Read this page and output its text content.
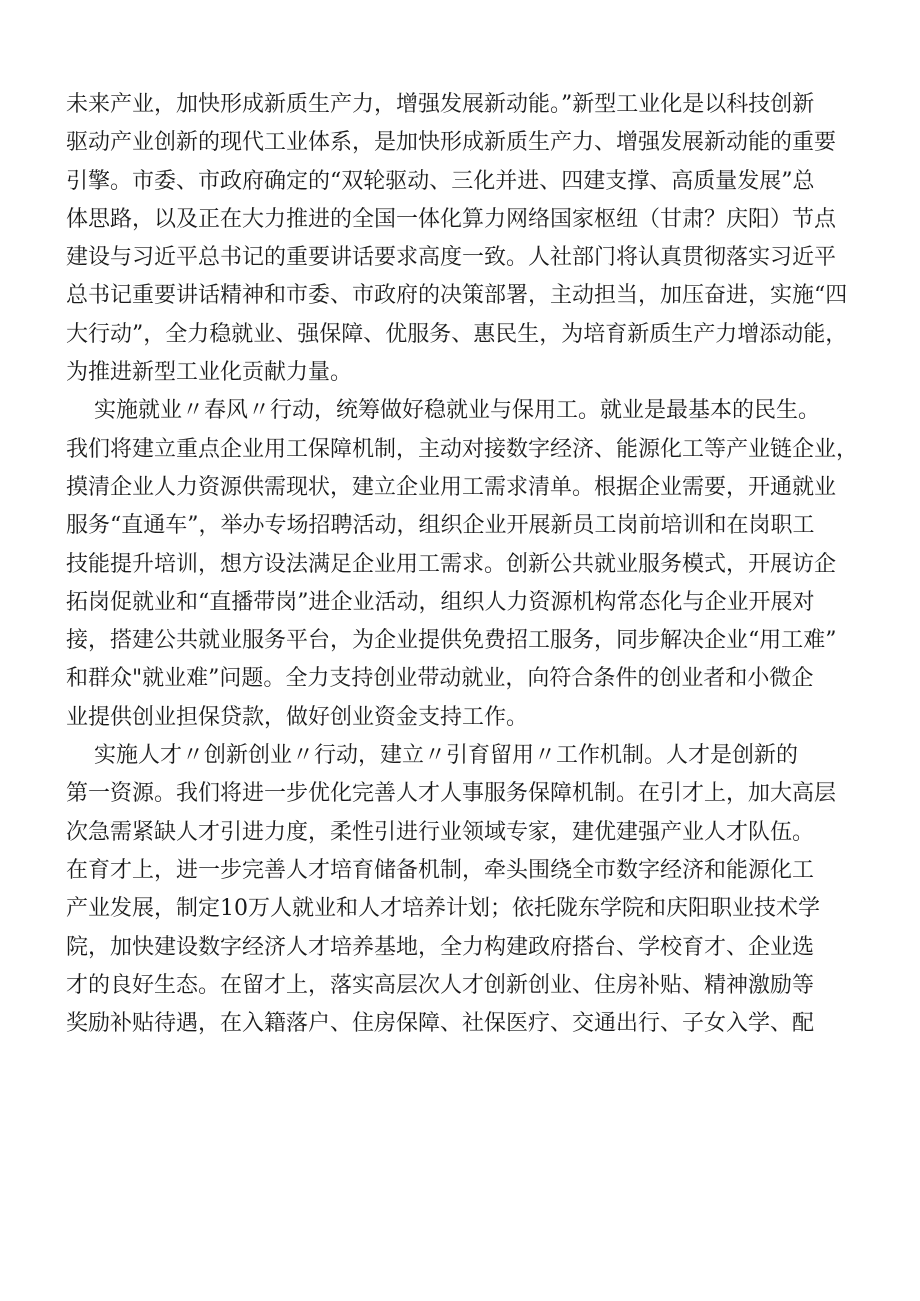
未来产业，加快形成新质生产力，增强发展新动能。”新型工业化是以科技创新
驱动产业创新的现代工业体系，是加快形成新质生产力、增强发展新动能的重要
引擎。市委、市政府确定的“双轮驱动、三化并进、四建支撑、高质量发展”总
体思路，以及正在大力推进的全国一体化算力网络国家枢纽（甘肃？庆阳）节点
建设与习近平总书记的重要讲话要求高度一致。人社部门将认真贯彻落实习近平
总书记重要讲话精神和市委、市政府的决策部署，主动担当，加压奋进，实施“四
大行动”，全力稳就业、强保障、优服务、惠民生，为培育新质生产力增添动能，
为推进新型工业化贡献力量。
实施就业〃春风〃行动，统筹做好稳就业与保用工。就业是最基本的民生。
我们将建立重点企业用工保障机制，主动对接数字经济、能源化工等产业链企业，
摸清企业人力资源供需现状，建立企业用工需求清单。根据企业需要，开通就业
服务“直通车”，举办专场招聘活动，组织企业开展新员工岗前培训和在岗职工
技能提升培训，想方设法满足企业用工需求。创新公共就业服务模式，开展访企
拓岗促就业和“直播带岗”进企业活动，组织人力资源机构常态化与企业开展对
接，搭建公共就业服务平台，为企业提供免费招工服务，同步解决企业“用工难”
和群众"就业难”问题。全力支持创业带动就业，向符合条件的创业者和小微企
业提供创业担保贷款，做好创业资金支持工作。
实施人才〃创新创业〃行动，建立〃引育留用〃工作机制。人才是创新的
第一资源。我们将进一步优化完善人才人事服务保障机制。在引才上，加大高层
次急需紧缺人才引进力度，柔性引进行业领域专家，建优建强产业人才队伍。
在育才上，进一步完善人才培育储备机制，牵头围绕全市数字经济和能源化工
产业发展，制定10万人就业和人才培养计划；依托陇东学院和庆阳职业技术学
院，加快建设数字经济人才培养基地，全力构建政府搭台、学校育才、企业选
才的良好生态。在留才上，落实高层次人才创新创业、住房补贴、精神激励等
奖励补贴待遇，在入籍落户、住房保障、社保医疗、交通出行、子女入学、配
